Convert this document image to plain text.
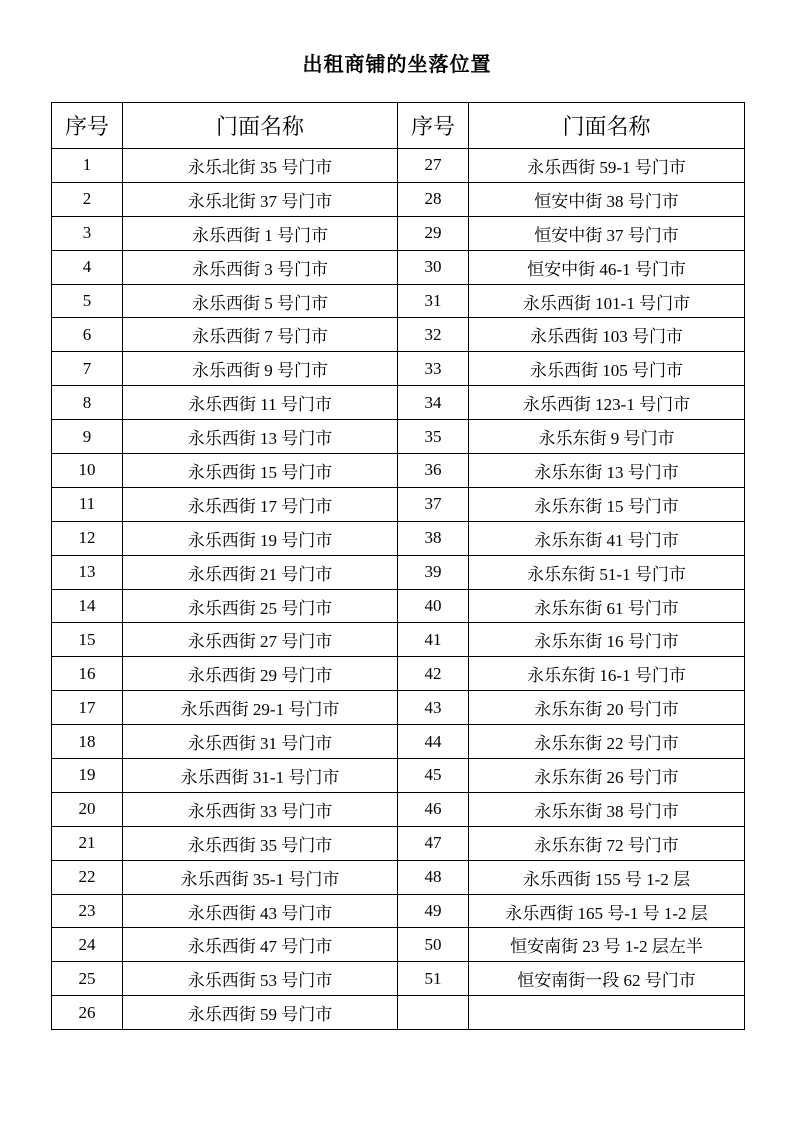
出租商铺的坐落位置
序号	门面名称	序号	门面名称
1	永乐北街 35 号门市	27	永乐西街 59-1 号门市
2	永乐北街 37 号门市	28	恒安中街 38 号门市
3	永乐西街 1 号门市	29	恒安中街 37 号门市
4	永乐西街 3 号门市	30	恒安中街 46-1 号门市
5	永乐西街 5 号门市	31	永乐西街 101-1 号门市
6	永乐西街 7 号门市	32	永乐西街 103 号门市
7	永乐西街 9 号门市	33	永乐西街 105 号门市
8	永乐西街 11 号门市	34	永乐西街 123-1 号门市
9	永乐西街 13 号门市	35	永乐东街 9 号门市
10	永乐西街 15 号门市	36	永乐东街 13 号门市
11	永乐西街 17 号门市	37	永乐东街 15 号门市
12	永乐西街 19 号门市	38	永乐东街 41 号门市
13	永乐西街 21 号门市	39	永乐东街 51-1 号门市
14	永乐西街 25 号门市	40	永乐东街 61 号门市
15	永乐西街 27 号门市	41	永乐东街 16 号门市
16	永乐西街 29 号门市	42	永乐东街 16-1 号门市
17	永乐西街 29-1 号门市	43	永乐东街 20 号门市
18	永乐西街 31 号门市	44	永乐东街 22 号门市
19	永乐西街 31-1 号门市	45	永乐东街 26 号门市
20	永乐西街 33 号门市	46	永乐东街 38 号门市
21	永乐西街 35 号门市	47	永乐东街 72 号门市
22	永乐西街 35-1 号门市	48	永乐西街 155 号 1-2 层
23	永乐西街 43 号门市	49	永乐西街 165 号-1 号 1-2 层
24	永乐西街 47 号门市	50	恒安南街 23 号 1-2 层左半
25	永乐西街 53 号门市	51	恒安南街一段 62 号门市
26	永乐西街 59 号门市		
